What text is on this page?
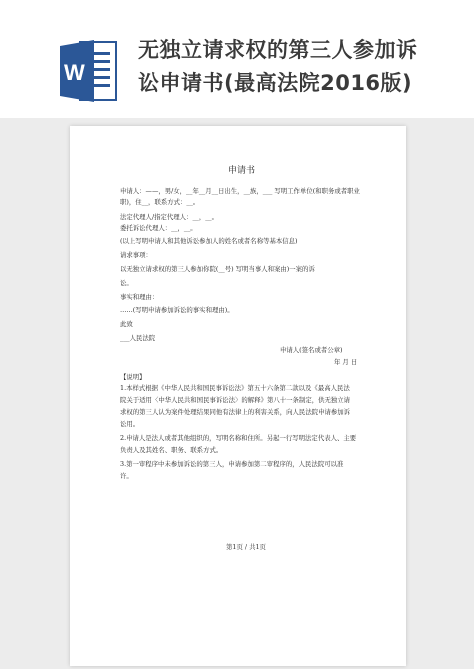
W
无独立请求权的第三人参加诉
讼申请书(最高法院2016版)
申请书
申请人：——，男/女，__年__月__日出生，__族，___ 写明工作单位(和职务或者职业
职)，住__，联系方式：__。
法定代理人/指定代理人：__，__。
委托诉讼代理人：__，__。
(以上写明申请人和其他诉讼参加人的姓名或者名称等基本信息)
请求事项：
以无独立请求权的第三人参加你院(__号) 写明当事人和案由)一案的诉
讼。
事实和理由：
……(写明申请参加诉讼的事实和理由)。
此致
___人民法院
申请人(签名或者公章)
年 月 日
【说明】
1.本样式根据《中华人民共和国民事诉讼法》第五十六条第二款以及《最高人民法
院关于适用〈中华人民共和国民事诉讼法〉的解释》第八十一条制定，供无独立请
求权的第三人认为案件处理结果同他有法律上的利害关系，向人民法院申请参加诉
讼用。
2.申请人是法人或者其他组织的，写明名称和住所。另起一行写明法定代表人、主要
负责人及其姓名、职务、联系方式。
3.第一审程序中未参加诉讼的第三人，申请参加第二审程序的，人民法院可以准
许。
第1页 / 共1页
